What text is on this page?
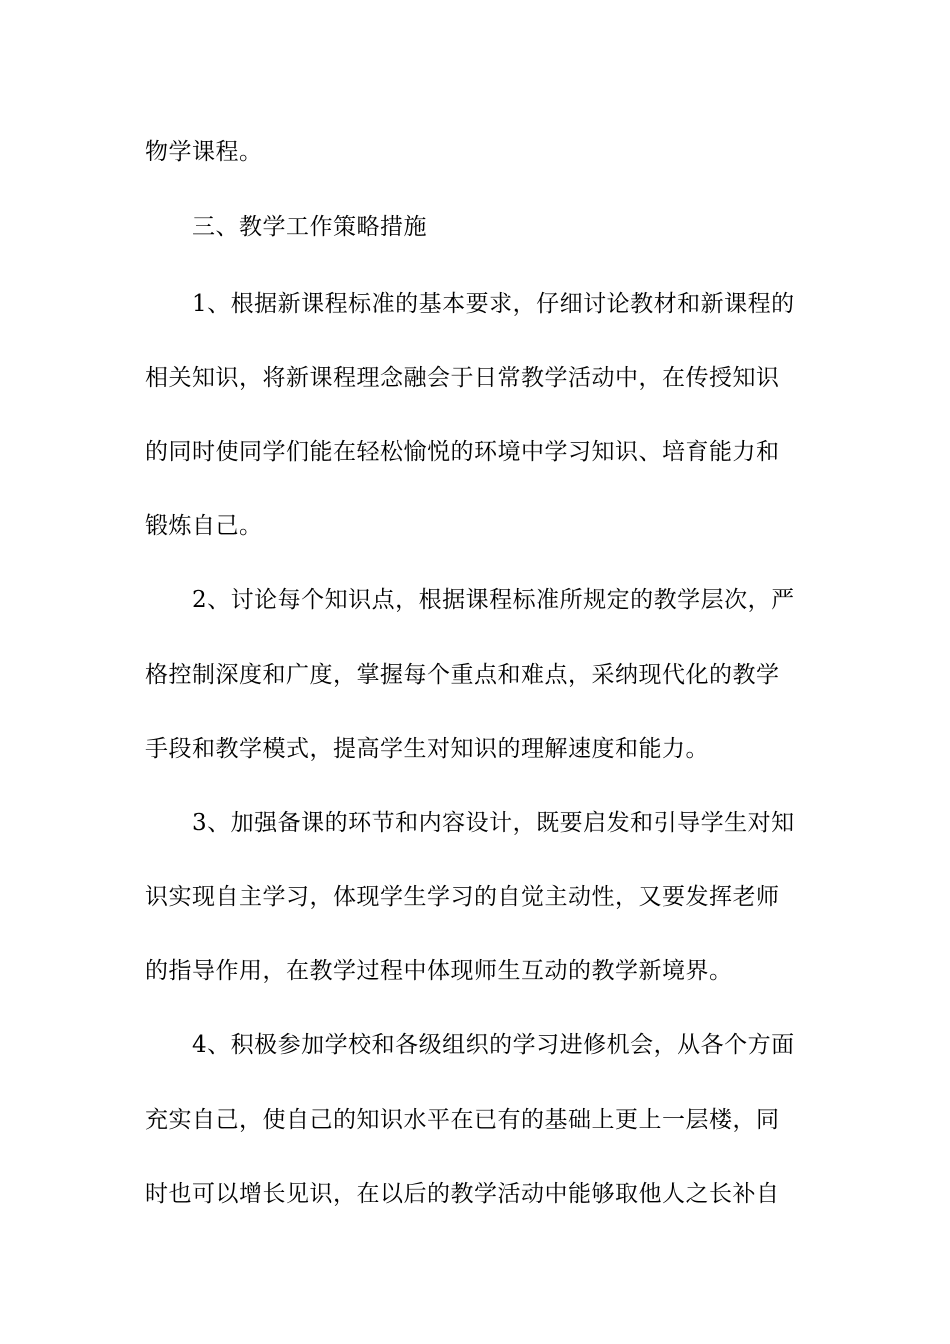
物学课程。
三、教学工作策略措施
1、根据新课程标准的基本要求，仔细讨论教材和新课程的
相关知识，将新课程理念融会于日常教学活动中，在传授知识
的同时使同学们能在轻松愉悦的环境中学习知识、培育能力和
锻炼自己。
2、讨论每个知识点，根据课程标准所规定的教学层次，严
格控制深度和广度，掌握每个重点和难点，采纳现代化的教学
手段和教学模式，提高学生对知识的理解速度和能力。
3、加强备课的环节和内容设计，既要启发和引导学生对知
识实现自主学习，体现学生学习的自觉主动性，又要发挥老师
的指导作用，在教学过程中体现师生互动的教学新境界。
4、积极参加学校和各级组织的学习进修机会，从各个方面
充实自己，使自己的知识水平在已有的基础上更上一层楼，同
时也可以增长见识，在以后的教学活动中能够取他人之长补自
